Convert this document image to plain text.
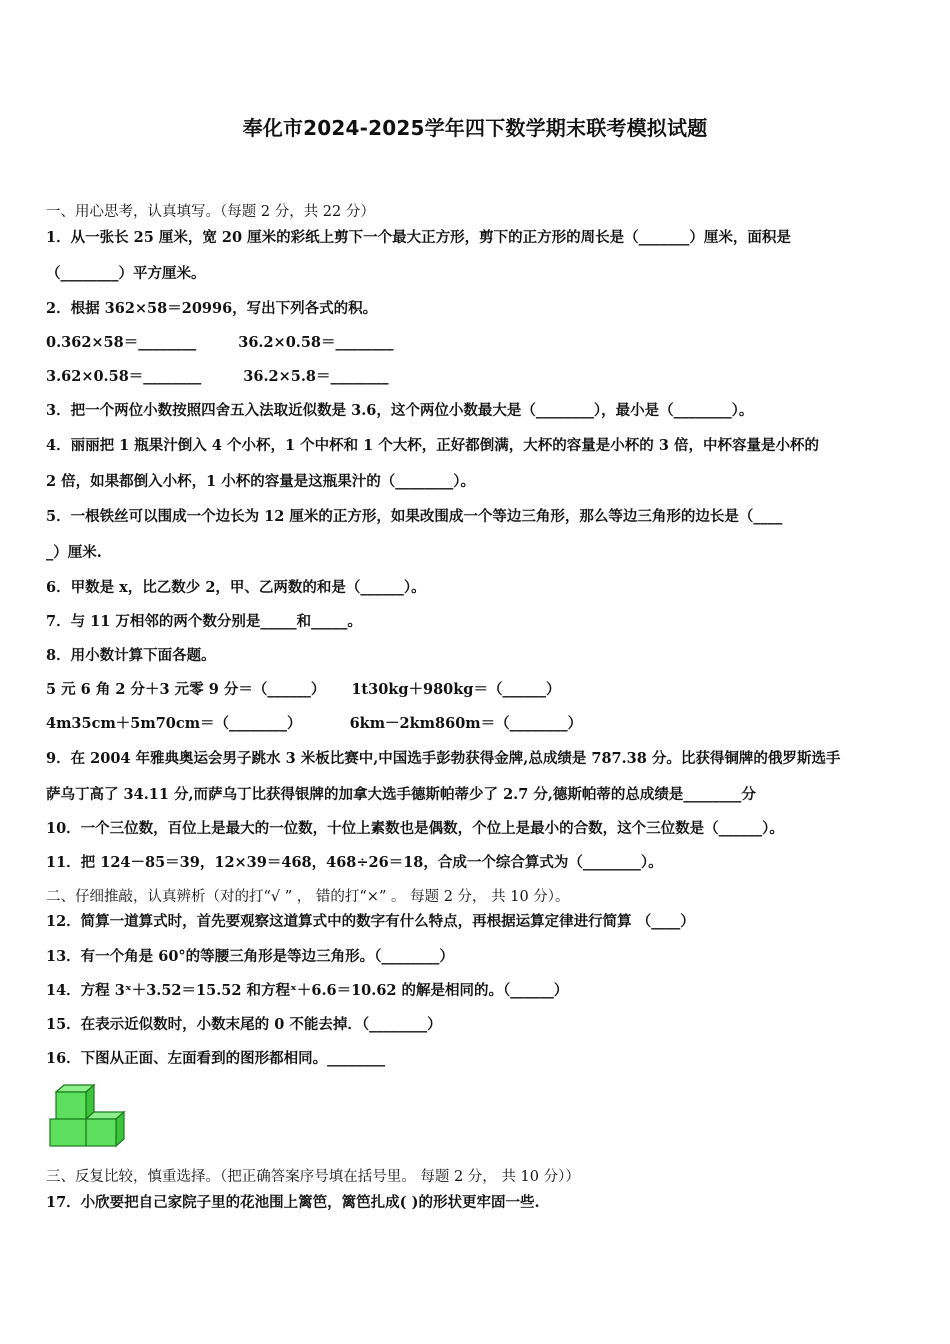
奉化市2024-2025学年四下数学期末联考模拟试题
一、用心思考，认真填写。（每题 2 分，共 22 分）
1．从一张长 25 厘米，宽 20 厘米的彩纸上剪下一个最大正方形，剪下的正方形的周长是（_______）厘米，面积是
（________）平方厘米。
2．根据 362×58＝20996，写出下列各式的积。
0.362×58＝________	36.2×0.58＝________
3.62×0.58＝________	36.2×5.8＝________
3．把一个两位小数按照四舍五入法取近似数是 3.6，这个两位小数最大是（________），最小是（________）。
4．丽丽把 1 瓶果汁倒入 4 个小杯，1 个中杯和 1 个大杯，正好都倒满，大杯的容量是小杯的 3 倍，中杯容量是小杯的
2 倍，如果都倒入小杯，1 小杯的容量是这瓶果汁的（________）。
5．一根铁丝可以围成一个边长为 12 厘米的正方形，如果改围成一个等边三角形，那么等边三角形的边长是（____
_）厘米.
6．甲数是 x，比乙数少 2，甲、乙两数的和是（______）。
7．与 11 万相邻的两个数分别是_____和_____。
8．用小数计算下面各题。
5 元 6 角 2 分＋3 元零 9 分＝（______） 1t30kg＋980kg＝（______）
4m35cm＋5m70cm＝（________）	6km－2km860m＝（________）
9．在 2004 年雅典奥运会男子跳水 3 米板比赛中,中国选手彭勃获得金牌,总成绩是 787.38 分。比获得铜牌的俄罗斯选手
萨乌丁高了 34.11 分,而萨乌丁比获得银牌的加拿大选手德斯帕蒂少了 2.7 分,德斯帕蒂的总成绩是________分
10．一个三位数，百位上是最大的一位数，十位上素数也是偶数，个位上是最小的合数，这个三位数是（______）。
11．把 124－85＝39，12×39＝468，468÷26＝18，合成一个综合算式为（________）。
二、仔细推敲，认真辨析（对的打“√ ” ， 错的打“×” 。 每题 2 分， 共 10 分）。
12．简算一道算式时，首先要观察这道算式中的数字有什么特点，再根据运算定律进行简算 （____）
13．有一个角是 60°的等腰三角形是等边三角形。（________）
14．方程 3ˣ＋3.52＝15.52 和方程ˣ＋6.6＝10.62 的解是相同的。（______）
15．在表示近似数时，小数末尾的 0 不能去掉．（________）
16．下图从正面、左面看到的图形都相同。________
三、反复比较，慎重选择。（把正确答案序号填在括号里。 每题 2 分， 共 10 分））
17．小欣要把自己家院子里的花池围上篱笆，篱笆扎成( )的形状更牢固一些.
